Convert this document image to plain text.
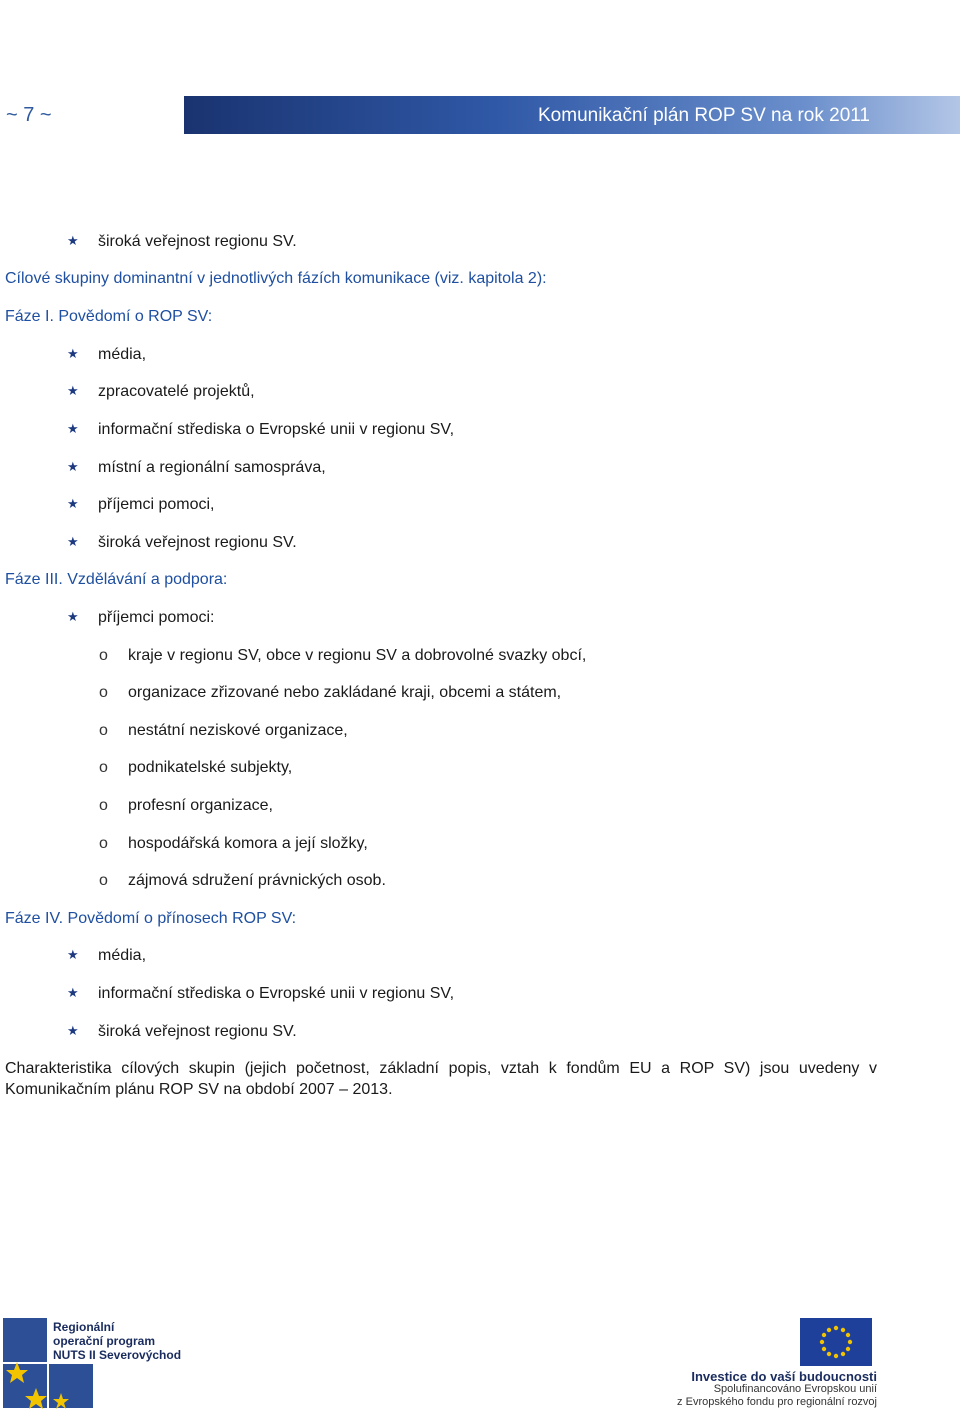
~ 7 ~	Komunikační plán ROP SV na rok 2011
★ široká veřejnost regionu SV.
Cílové skupiny dominantní v jednotlivých fázích komunikace (viz. kapitola 2):
Fáze I. Povědomí o ROP SV:
★ média,
★ zpracovatelé projektů,
★ informační střediska o Evropské unii v regionu SV,
★ místní a regionální samospráva,
★ příjemci pomoci,
★ široká veřejnost regionu SV.
Fáze III. Vzdělávání a podpora:
★ příjemci pomoci:
o kraje v regionu SV, obce v regionu SV a dobrovolné svazky obcí,
o organizace zřizované nebo zakládané kraji, obcemi a státem,
o nestátní neziskové organizace,
o podnikatelské subjekty,
o profesní organizace,
o hospodářská komora a její složky,
o zájmová sdružení právnických osob.
Fáze IV. Povědomí o přínosech ROP SV:
★ média,
★ informační střediska o Evropské unii v regionu SV,
★ široká veřejnost regionu SV.
Charakteristika cílových skupin (jejich početnost, základní popis, vztah k fondům EU a ROP SV) jsou uvedeny v Komunikačním plánu ROP SV na období 2007 – 2013.
Regionální
operační program
NUTS II Severovýchod
Investice do vaší budoucnosti
Spolufinancováno Evropskou unií
z Evropského fondu pro regionální rozvoj
